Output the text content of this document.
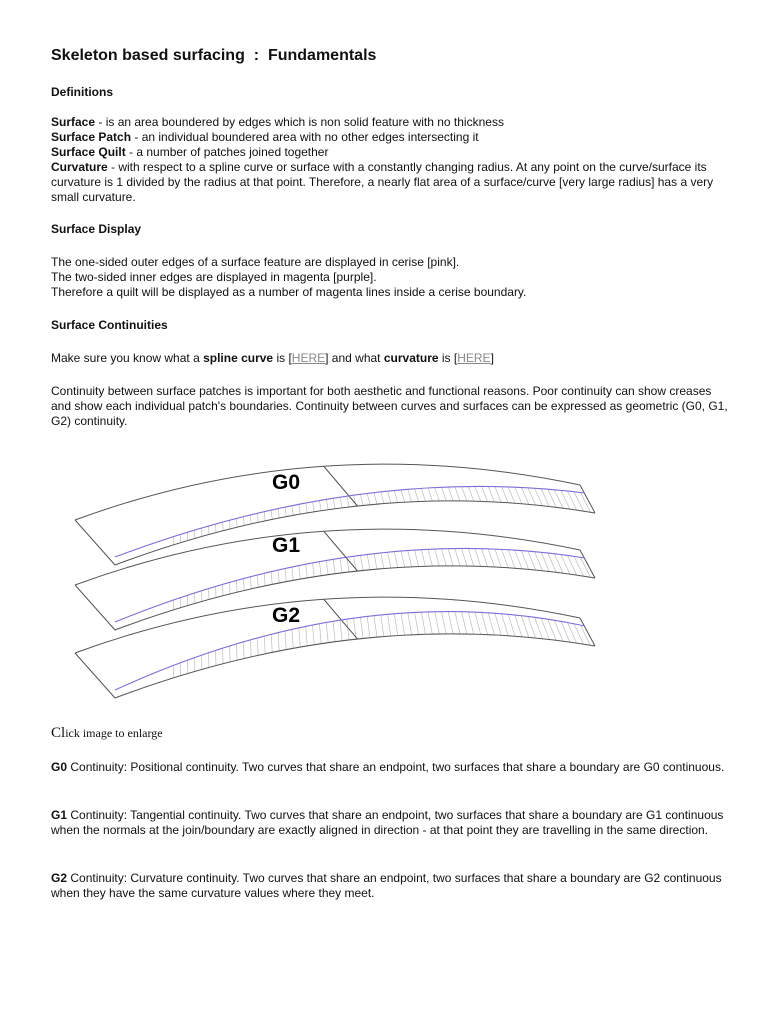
Skeleton based surfacing  :  Fundamentals
Definitions

Surface - is an area boundered by edges which is non solid feature with no thickness

Surface Patch - an individual boundered area with no other edges intersecting it

Surface Quilt - a number of patches joined together

Curvature - with respect to a spline curve or surface with a constantly changing radius. At any point on the curve/surface its curvature is 1 divided by the radius at that point. Therefore, a nearly flat area of a surface/curve [very large radius] has a very small curvature.

Surface Display

The one-sided outer edges of a surface feature are displayed in cerise [pink].

The two-sided inner edges are displayed in magenta [purple].

Therefore a quilt will be displayed as a number of magenta lines inside a cerise boundary.

Surface Continuities

Make sure you know what a spline curve is [HERE] and what curvature is [HERE]

Continuity between surface patches is important for both aesthetic and functional reasons. Poor continuity can show creases and show each individual patch's boundaries. Continuity between curves and surfaces can be expressed as geometric (G0, G1, G2) continuity.

G0
G1
G2

Click image to enlarge

G0 Continuity: Positional continuity. Two curves that share an endpoint, two surfaces that share a boundary are G0 continuous.

G1 Continuity: Tangential continuity. Two curves that share an endpoint, two surfaces that share a boundary are G1 continuous when the normals at the join/boundary are exactly aligned in direction - at that point they are travelling in the same direction.

G2 Continuity: Curvature continuity. Two curves that share an endpoint, two surfaces that share a boundary are G2 continuous when they have the same curvature values where they meet.
